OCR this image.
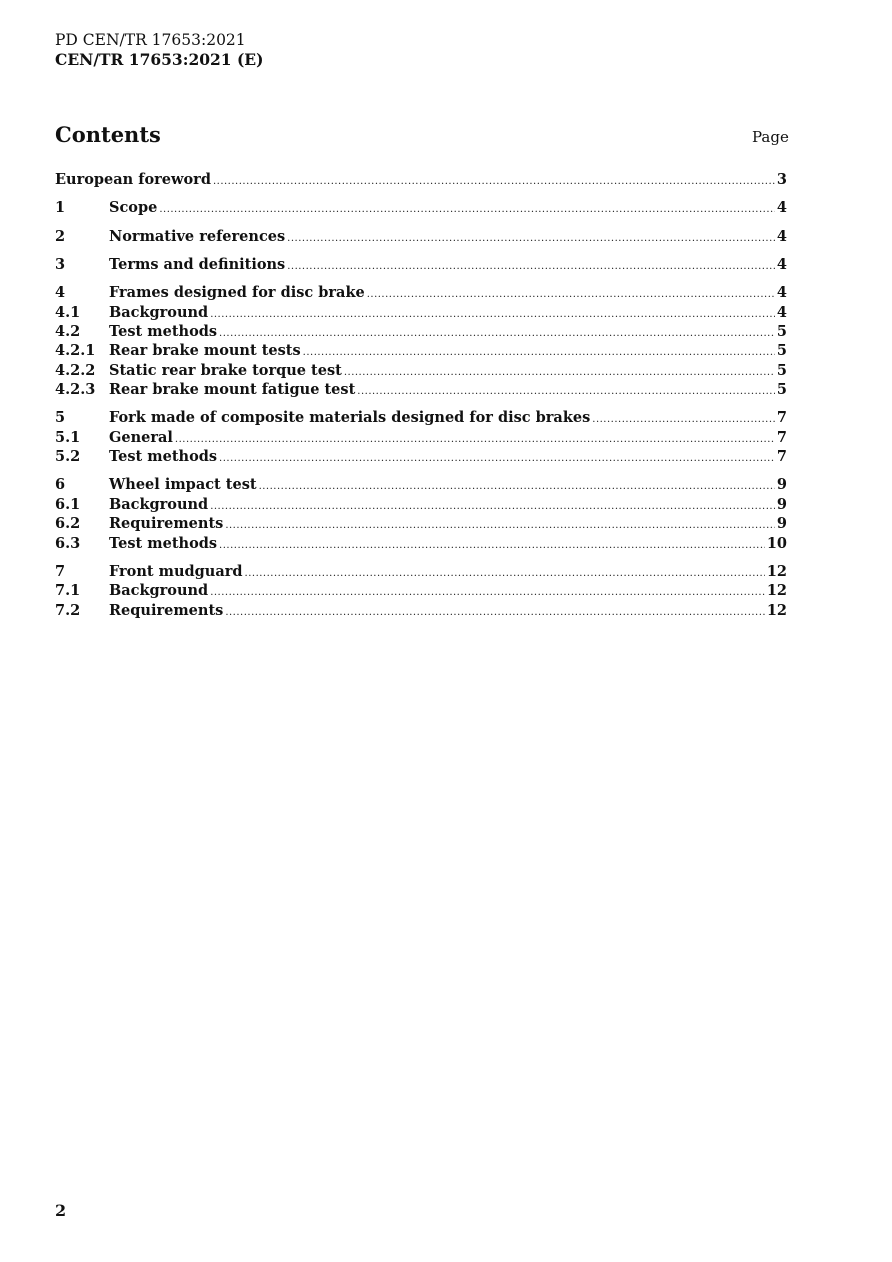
PD CEN/TR 17653:2021
CEN/TR 17653:2021 (E)
Contents	Page
European foreword .....	3
1	Scope .....	4
2	Normative references .....	4
3	Terms and definitions .....	4
4	Frames designed for disc brake .....	4
4.1	Background .....	4
4.2	Test methods .....	5
4.2.1 Rear brake mount tests .....	5
4.2.2 Static rear brake torque test .....	5
4.2.3 Rear brake mount fatigue test .....	5
5	Fork made of composite materials designed for disc brakes .....	7
5.1	General .....	7
5.2	Test methods .....	7
6	Wheel impact test .....	9
6.1	Background .....	9
6.2	Requirements .....	9
6.3	Test methods .....	10
7	Front mudguard .....	12
7.1	Background .....	12
7.2	Requirements .....	12
2
